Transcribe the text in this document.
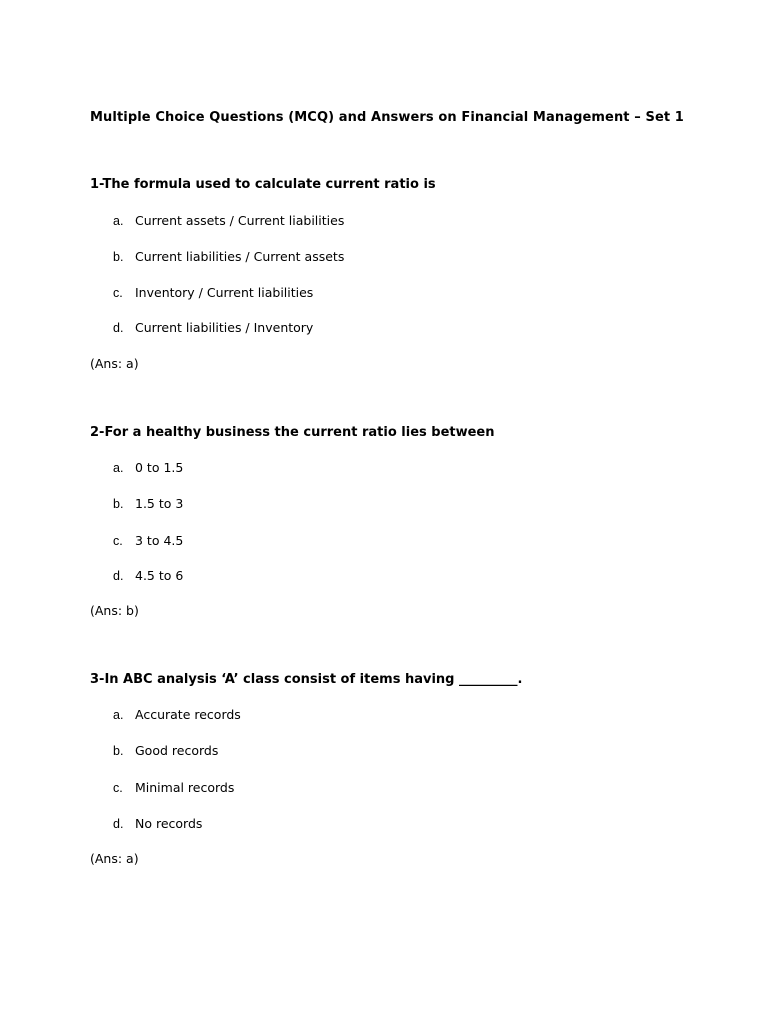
Multiple Choice Questions (MCQ) and Answers on Financial Management – Set 1
1-The formula used to calculate current ratio is
a. Current assets / Current liabilities
b. Current liabilities / Current assets
c. Inventory / Current liabilities
d. Current liabilities / Inventory
(Ans: a)
2-For a healthy business the current ratio lies between
a. 0 to 1.5
b. 1.5 to 3
c. 3 to 4.5
d. 4.5 to 6
(Ans: b)
3-In ABC analysis ‘A’ class consist of items having _________.
a. Accurate records
b. Good records
c. Minimal records
d. No records
(Ans: a)
